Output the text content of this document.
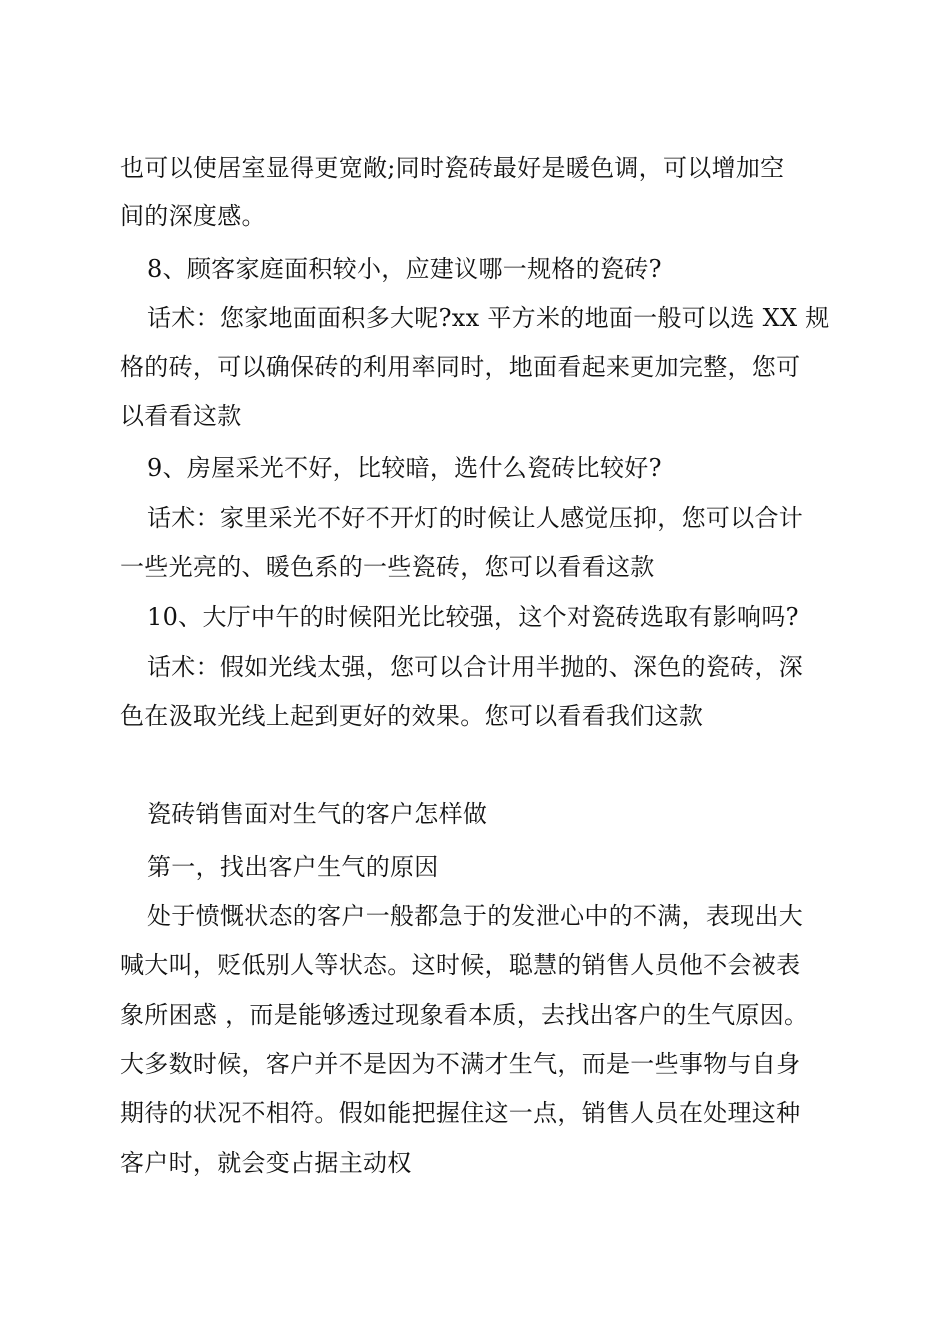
也可以使居室显得更宽敞;同时瓷砖最好是暖色调，可以增加空
间的深度感。
8、顾客家庭面积较小，应建议哪一规格的瓷砖?
话术：您家地面面积多大呢?xx 平方米的地面一般可以选 XX 规
格的砖，可以确保砖的利用率同时，地面看起来更加完整，您可
以看看这款
9、房屋采光不好，比较暗，选什么瓷砖比较好?
话术：家里采光不好不开灯的时候让人感觉压抑，您可以合计
一些光亮的、暖色系的一些瓷砖，您可以看看这款
10、大厅中午的时候阳光比较强，这个对瓷砖选取有影响吗?
话术：假如光线太强，您可以合计用半抛的、深色的瓷砖，深
色在汲取光线上起到更好的效果。您可以看看我们这款
瓷砖销售面对生气的客户怎样做
第一，找出客户生气的原因
处于愤慨状态的客户一般都急于的发泄心中的不满，表现出大
喊大叫，贬低别人等状态。这时候，聪慧的销售人员他不会被表
象所困惑 ，而是能够透过现象看本质，去找出客户的生气原因。
大多数时候，客户并不是因为不满才生气，而是一些事物与自身
期待的状况不相符。假如能把握住这一点，销售人员在处理这种
客户时，就会变占据主动权
